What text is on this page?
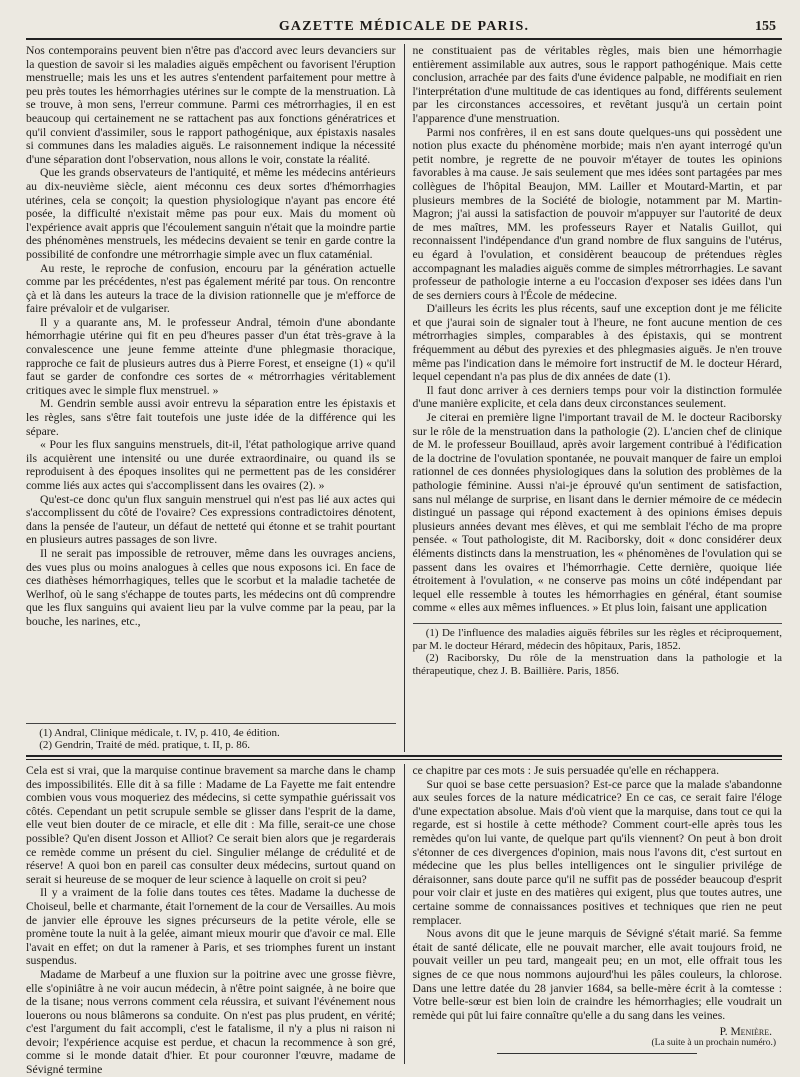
GAZETTE MÉDICALE DE PARIS.	155

Nos contemporains peuvent bien n'être pas d'accord avec leurs devanciers sur la question de savoir si les maladies aiguës empêchent ou favorisent l'éruption menstruelle; mais les uns et les autres s'entendent parfaitement pour mettre à peu près toutes les hémorrhagies utérines sur le compte de la menstruation. Là se trouve, à mon sens, l'erreur commune. Parmi ces métrorrhagies, il en est beaucoup qui certainement ne se rattachent pas aux fonctions génératrices et qu'il convient d'assimiler, sous le rapport pathogénique, aux épistaxis nasales si communes dans les maladies aiguës. Le raisonnement indique la nécessité d'une séparation dont l'observation, nous allons le voir, constate la réalité.

Que les grands observateurs de l'antiquité, et même les médecins antérieurs au dix-neuvième siècle, aient méconnu ces deux sortes d'hémorrhagies utérines, cela se conçoit; la question physiologique n'ayant pas encore été posée, la difficulté n'existait même pas pour eux. Mais du moment où l'expérience avait appris que l'écoulement sanguin n'était que la moindre partie des phénomènes menstruels, les médecins devaient se tenir en garde contre la possibilité de confondre une métrorrhagie simple avec un flux cataménial.

Au reste, le reproche de confusion, encouru par la génération actuelle comme par les précédentes, n'est pas également mérité par tous. On rencontre çà et là dans les auteurs la trace de la division rationnelle que je m'efforce de faire prévaloir et de vulgariser.

Il y a quarante ans, M. le professeur Andral, témoin d'une abondante hémorrhagie utérine qui fit en peu d'heures passer d'un état très-grave à la convalescence une jeune femme atteinte d'une phlegmasie thoracique, rapproche ce fait de plusieurs autres dus à Pierre Forest, et enseigne (1) « qu'il faut se garder de confondre ces sortes de « métrorrhagies véritablement critiques avec le simple flux menstruel. »

M. Gendrin semble aussi avoir entrevu la séparation entre les épistaxis et les règles, sans s'être fait toutefois une juste idée de la différence qui les sépare.

« Pour les flux sanguins menstruels, dit-il, l'état pathologique arrive quand ils acquièrent une intensité ou une durée extraordinaire, ou quand ils se reproduisent à des époques insolites qui ne permettent pas de les considérer comme liés aux actes qui s'accomplissent dans les ovaires (2). »

Qu'est-ce donc qu'un flux sanguin menstruel qui n'est pas lié aux actes qui s'accomplissent du côté de l'ovaire? Ces expressions contradictoires dénotent, dans la pensée de l'auteur, un défaut de netteté qui étonne et se trahit pourtant en plusieurs autres passages de son livre.

Il ne serait pas impossible de retrouver, même dans les ouvrages anciens, des vues plus ou moins analogues à celles que nous exposons ici. En face de ces diathèses hémorrhagiques, telles que le scorbut et la maladie tachetée de Werlhof, où le sang s'échappe de toutes parts, les médecins ont dû comprendre que les flux sanguins qui avaient lieu par la vulve comme par la peau, par la bouche, les narines, etc.,

(1) Andral, Clinique médicale, t. IV, p. 410, 4e édition.

(2) Gendrin, Traité de méd. pratique, t. II, p. 86.

ne constituaient pas de véritables règles, mais bien une hémorrhagie entièrement assimilable aux autres, sous le rapport pathogénique. Mais cette conclusion, arrachée par des faits d'une évidence palpable, ne modifiait en rien l'interprétation d'une multitude de cas identiques au fond, différents seulement par les circonstances accessoires, et revêtant jusqu'à un certain point l'apparence d'une menstruation.

Parmi nos confrères, il en est sans doute quelques-uns qui possèdent une notion plus exacte du phénomène morbide; mais n'en ayant interrogé qu'un petit nombre, je regrette de ne pouvoir m'étayer de toutes les opinions favorables à ma cause. Je sais seulement que mes idées sont partagées par mes collègues de l'hôpital Beaujon, MM. Lailler et Moutard-Martin, et par plusieurs membres de la Société de biologie, notamment par M. Martin-Magron; j'ai aussi la satisfaction de pouvoir m'appuyer sur l'autorité de deux de mes maîtres, MM. les professeurs Rayer et Natalis Guillot, qui reconnaissent l'indépendance d'un grand nombre de flux sanguins de l'utérus, eu égard à l'ovulation, et considèrent beaucoup de prétendues règles accompagnant les maladies aiguës comme de simples métrorrhagies. Le savant professeur de pathologie interne a eu l'occasion d'exposer ses idées dans l'un de ses derniers cours à l'École de médecine.

D'ailleurs les écrits les plus récents, sauf une exception dont je me félicite et que j'aurai soin de signaler tout à l'heure, ne font aucune mention de ces métrorrhagies simples, comparables à des épistaxis, qui se montrent fréquemment au début des pyrexies et des phlegmasies aiguës. Je n'en trouve même pas l'indication dans le mémoire fort instructif de M. le docteur Hérard, lequel cependant n'a pas plus de dix années de date (1).

Il faut donc arriver à ces derniers temps pour voir la distinction formulée d'une manière explicite, et cela dans deux circonstances seulement.

Je citerai en première ligne l'important travail de M. le docteur Raciborsky sur le rôle de la menstruation dans la pathologie (2). L'ancien chef de clinique de M. le professeur Bouillaud, après avoir largement contribué à l'édification de la doctrine de l'ovulation spontanée, ne pouvait manquer de faire un emploi rationnel de ces données physiologiques dans la solution des problèmes de la pathologie féminine. Aussi n'ai-je éprouvé qu'un sentiment de satisfaction, sans nul mélange de surprise, en lisant dans le dernier mémoire de ce médecin distingué un passage qui répond exactement à des opinions émises depuis plusieurs années devant mes élèves, et qui me semblait l'écho de ma propre pensée. « Tout pathologiste, dit M. Raciborsky, doit « donc considérer deux éléments distincts dans la menstruation, les « phénomènes de l'ovulation qui se passent dans les ovaires et l'hémorrhagie. Cette dernière, quoique liée étroitement à l'ovulation, « ne conserve pas moins un côté indépendant par lequel elle ressemble à toutes les hémorrhagies en général, étant soumise comme « elles aux mêmes influences. » Et plus loin, faisant une application

(1) De l'influence des maladies aiguës fébriles sur les règles et réciproquement, par M. le docteur Hérard, médecin des hôpitaux, Paris, 1852.

(2) Raciborsky, Du rôle de la menstruation dans la pathologie et la thérapeutique, chez J. B. Baillière. Paris, 1856.

Cela est si vrai, que la marquise continue bravement sa marche dans le champ des impossibilités. Elle dit à sa fille : Madame de La Fayette me fait entendre combien vous vous moqueriez des médecins, si cette sympathie guérissait vos côtés. Cependant un petit scrupule semble se glisser dans l'esprit de la dame, elle veut bien douter de ce miracle, et elle dit : Ma fille, serait-ce une chose possible? Qu'en disent Josson et Alliot? Ce serait bien alors que je regarderais ce remède comme un présent du ciel. Singulier mélange de crédulité et de réserve! A quoi bon en pareil cas consulter deux médecins, surtout quand on serait si heureuse de se moquer de leur science à laquelle on croit si peu?

Il y a vraiment de la folie dans toutes ces têtes. Madame la duchesse de Choiseul, belle et charmante, était l'ornement de la cour de Versailles. Au mois de janvier elle éprouve les signes précurseurs de la petite vérole, elle se promène toute la nuit à la gelée, aimant mieux mourir que d'avoir ce mal. Elle l'avait en effet; on dut la ramener à Paris, et ses triomphes furent un instant suspendus.

Madame de Marbeuf a une fluxion sur la poitrine avec une grosse fièvre, elle s'opiniâtre à ne voir aucun médecin, à n'être point saignée, à ne boire que de la tisane; nous verrons comment cela réussira, et suivant l'événement nous louerons ou nous blâmerons sa conduite. On n'est pas plus prudent, en vérité; c'est l'argument du fait accompli, c'est le fatalisme, il n'y a plus ni raison ni devoir; l'expérience acquise est perdue, et chacun la recommence à son gré, comme si le monde datait d'hier. Et pour couronner l'œuvre, madame de Sévigné termine

ce chapitre par ces mots : Je suis persuadée qu'elle en réchappera.

Sur quoi se base cette persuasion? Est-ce parce que la malade s'abandonne aux seules forces de la nature médicatrice? En ce cas, ce serait faire l'éloge d'une expectation absolue. Mais d'où vient que la marquise, dans tout ce qui la regarde, est si hostile à cette méthode? Comment court-elle après tous les remèdes qu'on lui vante, de quelque part qu'ils viennent? On peut à bon droit s'étonner de ces divergences d'opinion, mais nous l'avons dit, c'est surtout en médecine que les plus belles intelligences ont le singulier privilége de déraisonner, sans doute parce qu'il ne suffit pas de posséder beaucoup d'esprit pour voir clair et juste en des matières qui exigent, plus que toutes autres, une certaine somme de connaissances positives et techniques que rien ne peut remplacer.

Nous avons dit que le jeune marquis de Sévigné s'était marié. Sa femme était de santé délicate, elle ne pouvait marcher, elle avait toujours froid, ne pouvait veiller un peu tard, mangeait peu; en un mot, elle offrait tous les signes de ce que nous nommons aujourd'hui les pâles couleurs, la chlorose. Dans une lettre datée du 28 janvier 1684, sa belle-mère écrit à la comtesse : Votre belle-sœur est bien loin de craindre les hémorrhagies; elle voudrait un remède qui pût lui faire connaître qu'elle a du sang dans les veines.

P. Menière.
(La suite à un prochain numéro.)
